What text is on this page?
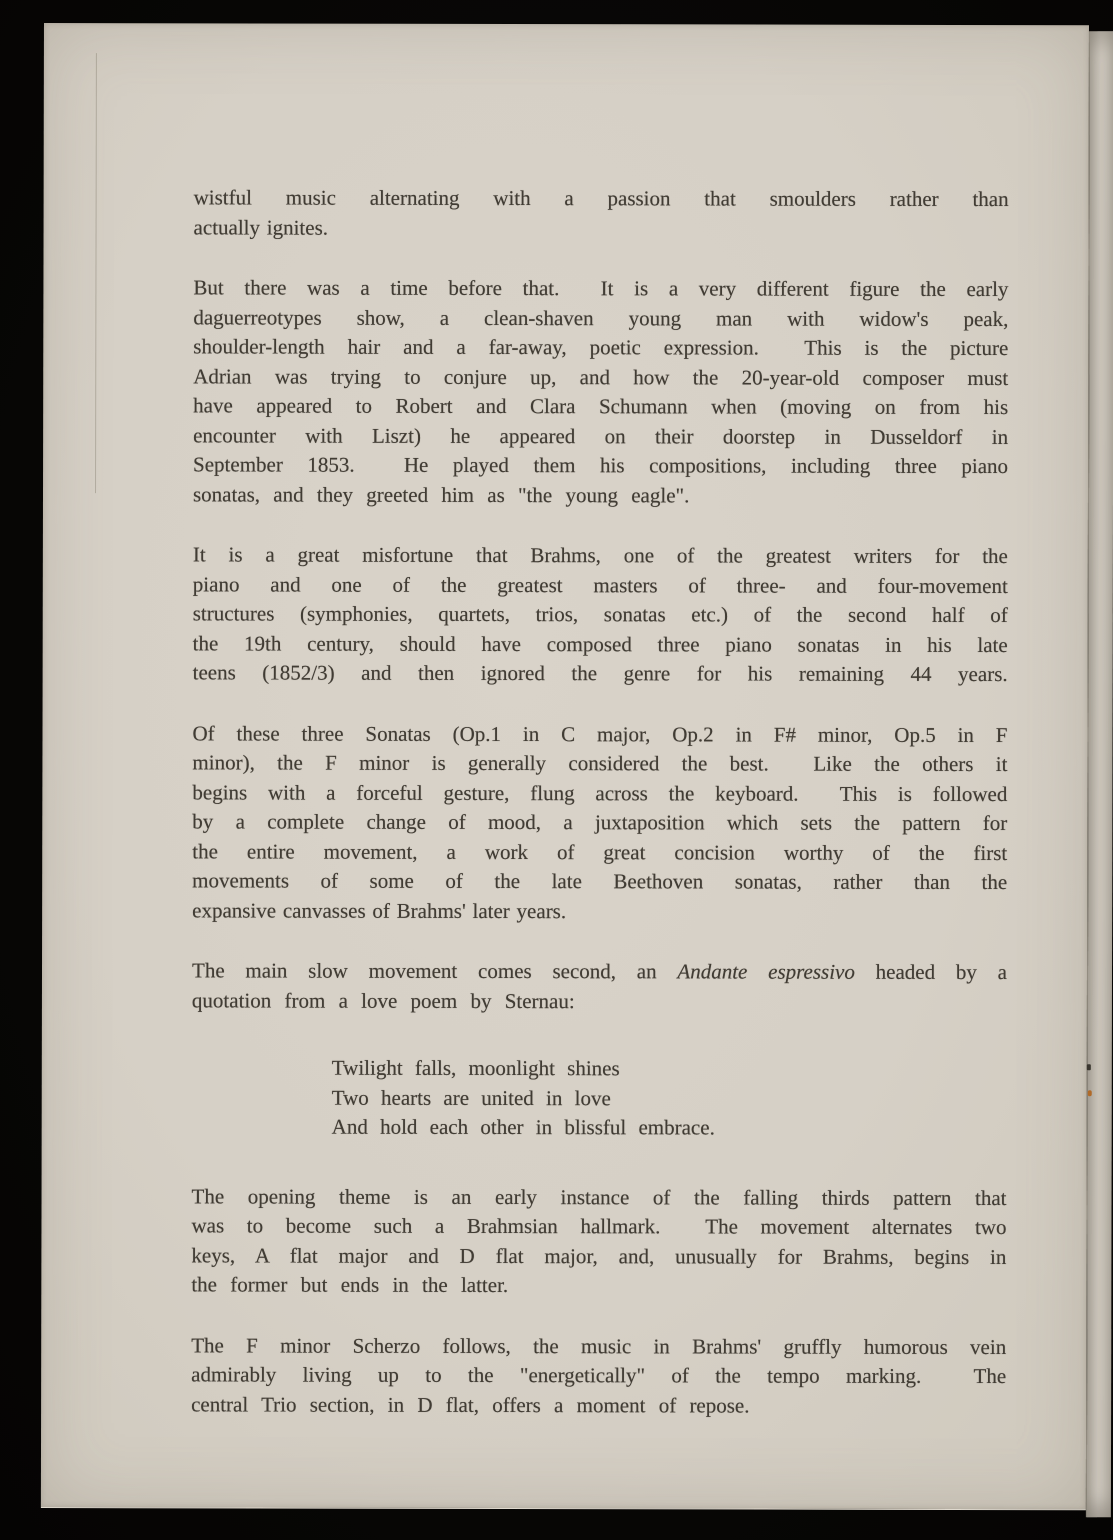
wistful music alternating with a passion that smoulders rather than
actually ignites.
But there was a time before that.  It is a very different figure the early
daguerreotypes show, a clean-shaven young man with widow's peak,
shoulder-length hair and a far-away, poetic expression.  This is the picture
Adrian was trying to conjure up, and how the 20-year-old composer must
have appeared to Robert and Clara Schumann when (moving on from his
encounter with Liszt) he appeared on their doorstep in Dusseldorf in
September 1853.  He played them his compositions, including three piano
sonatas, and they greeted him as "the young eagle".
It is a great misfortune that Brahms, one of the greatest writers for the
piano and one of the greatest masters of three- and four-movement
structures (symphonies, quartets, trios, sonatas etc.) of the second half of
the 19th century, should have composed three piano sonatas in his late
teens (1852/3) and then ignored the genre for his remaining 44 years.
Of these three Sonatas (Op.1 in C major, Op.2 in F# minor, Op.5 in F
minor), the F minor is generally considered the best.  Like the others it
begins with a forceful gesture, flung across the keyboard.  This is followed
by a complete change of mood, a juxtaposition which sets the pattern for
the entire movement, a work of great concision worthy of the first
movements of some of the late Beethoven sonatas, rather than the
expansive canvasses of Brahms' later years.
The main slow movement comes second, an Andante espressivo headed by a
quotation from a love poem by Sternau:
Twilight falls, moonlight shines
Two hearts are united in love
And hold each other in blissful embrace.
The opening theme is an early instance of the falling thirds pattern that
was to become such a Brahmsian hallmark.  The movement alternates two
keys, A flat major and D flat major, and, unusually for Brahms, begins in
the former but ends in the latter.
The F minor Scherzo follows, the music in Brahms' gruffly humorous vein
admirably living up to the "energetically" of the tempo marking.  The
central Trio section, in D flat, offers a moment of repose.
